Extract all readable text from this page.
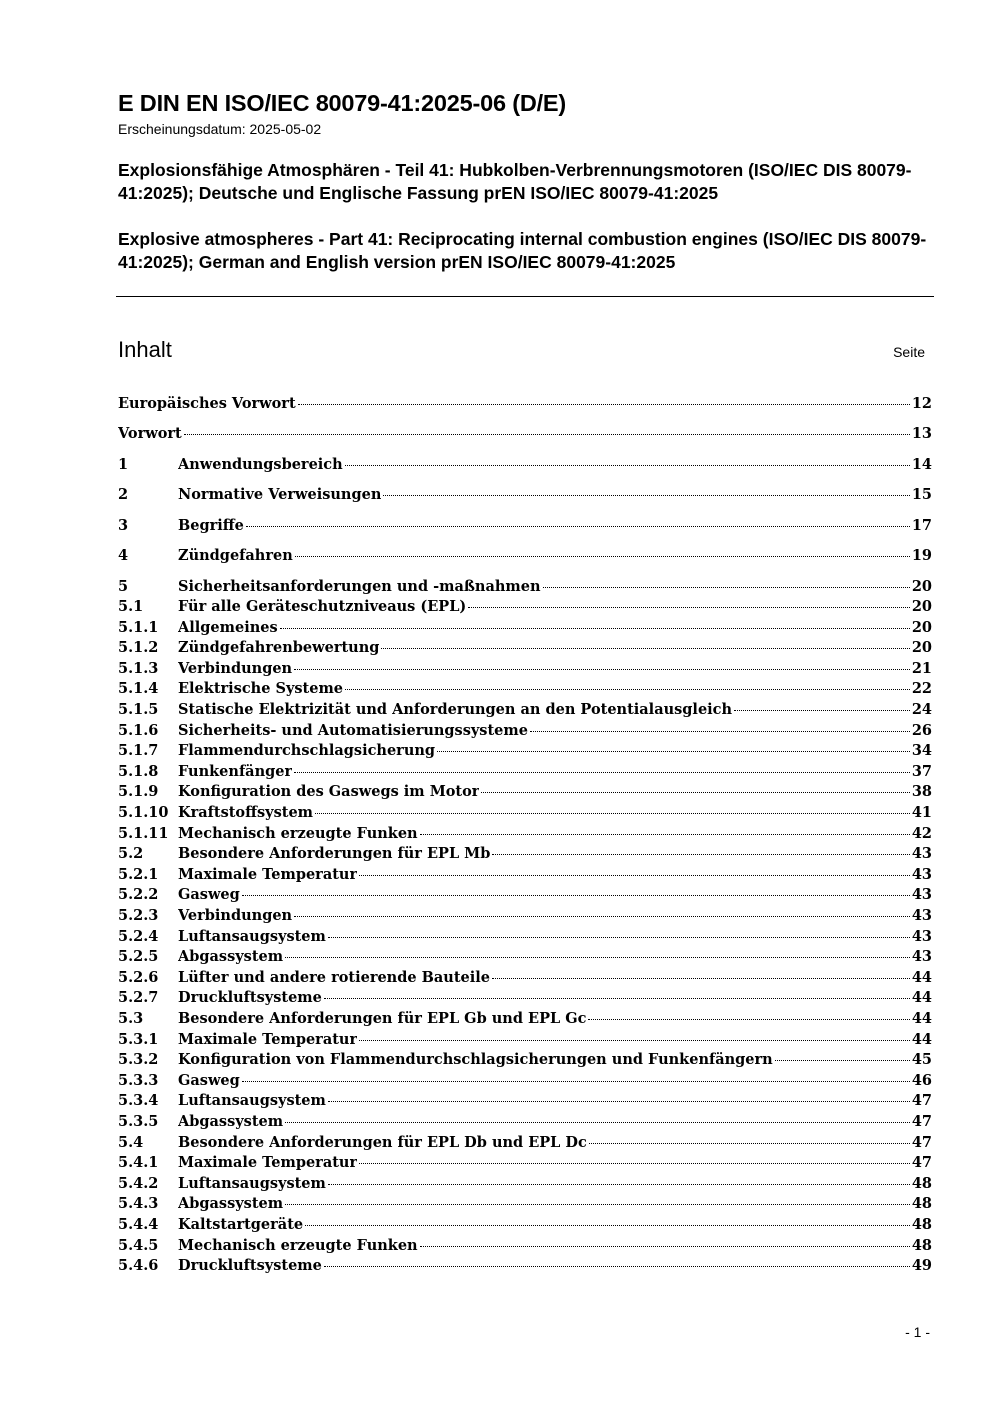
E DIN EN ISO/IEC 80079-41:2025-06 (D/E)
Erscheinungsdatum: 2025-05-02
Explosionsfähige Atmosphären - Teil 41: Hubkolben-Verbrennungsmotoren (ISO/IEC DIS 80079-41:2025); Deutsche und Englische Fassung prEN ISO/IEC 80079-41:2025
Explosive atmospheres - Part 41: Reciprocating internal combustion engines (ISO/IEC DIS 80079-41:2025); German and English version prEN ISO/IEC 80079-41:2025
Inhalt	Seite
Europäisches Vorwort	12
Vorwort	13
1	Anwendungsbereich	14
2	Normative Verweisungen	15
3	Begriffe	17
4	Zündgefahren	19
5	Sicherheitsanforderungen und -maßnahmen	20
5.1	Für alle Geräteschutzniveaus (EPL)	20
5.1.1	Allgemeines	20
5.1.2	Zündgefahrenbewertung	20
5.1.3	Verbindungen	21
5.1.4	Elektrische Systeme	22
5.1.5	Statische Elektrizität und Anforderungen an den Potentialausgleich	24
5.1.6	Sicherheits- und Automatisierungssysteme	26
5.1.7	Flammendurchschlagsicherung	34
5.1.8	Funkenfänger	37
5.1.9	Konfiguration des Gaswegs im Motor	38
5.1.10 Kraftstoffsystem	41
5.1.11 Mechanisch erzeugte Funken	42
5.2	Besondere Anforderungen für EPL Mb	43
5.2.1	Maximale Temperatur	43
5.2.2	Gasweg	43
5.2.3	Verbindungen	43
5.2.4	Luftansaugsystem	43
5.2.5	Abgassystem	43
5.2.6	Lüfter und andere rotierende Bauteile	44
5.2.7	Druckluftsysteme	44
5.3	Besondere Anforderungen für EPL Gb und EPL Gc	44
5.3.1	Maximale Temperatur	44
5.3.2	Konfiguration von Flammendurchschlagsicherungen und Funkenfängern	45
5.3.3	Gasweg	46
5.3.4	Luftansaugsystem	47
5.3.5	Abgassystem	47
5.4	Besondere Anforderungen für EPL Db und EPL Dc	47
5.4.1	Maximale Temperatur	47
5.4.2	Luftansaugsystem	48
5.4.3	Abgassystem	48
5.4.4	Kaltstartgeräte	48
5.4.5	Mechanisch erzeugte Funken	48
5.4.6	Druckluftsysteme	49
- 1 -
